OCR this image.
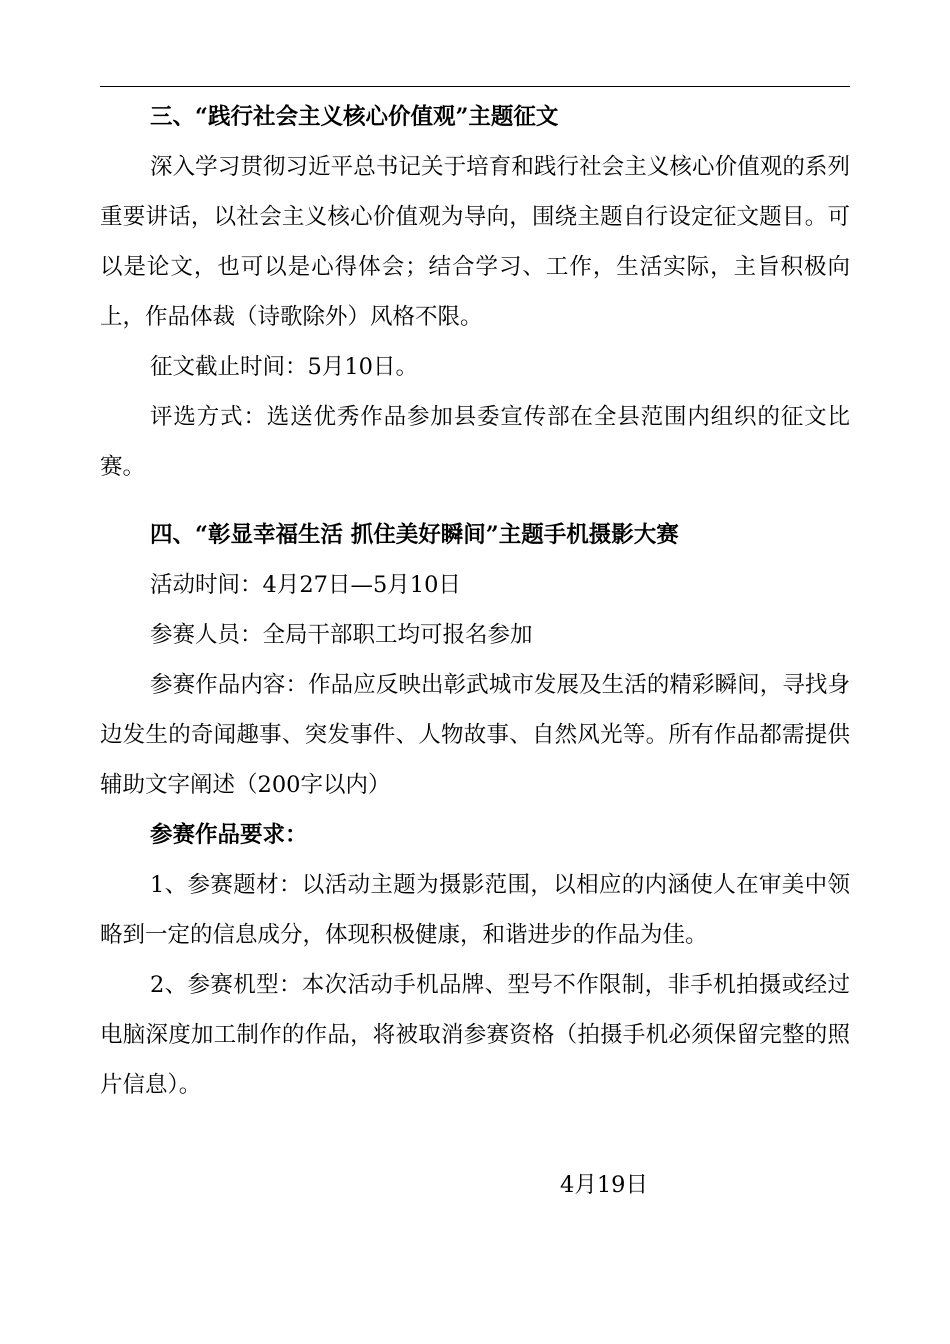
三、“践行社会主义核心价值观”主题征文

深入学习贯彻习近平总书记关于培育和践行社会主义核心价值观的系列重要讲话，以社会主义核心价值观为导向，围绕主题自行设定征文题目。可以是论文，也可以是心得体会；结合学习、工作，生活实际，主旨积极向上，作品体裁（诗歌除外）风格不限。

征文截止时间：5月10日。

评选方式：选送优秀作品参加县委宣传部在全县范围内组织的征文比赛。

四、“彰显幸福生活 抓住美好瞬间”主题手机摄影大赛

活动时间：4月27日—5月10日

参赛人员：全局干部职工均可报名参加

参赛作品内容：作品应反映出彰武城市发展及生活的精彩瞬间，寻找身边发生的奇闻趣事、突发事件、人物故事、自然风光等。所有作品都需提供辅助文字阐述（200字以内）

参赛作品要求：

1、参赛题材：以活动主题为摄影范围，以相应的内涵使人在审美中领略到一定的信息成分，体现积极健康，和谐进步的作品为佳。

2、参赛机型：本次活动手机品牌、型号不作限制，非手机拍摄或经过电脑深度加工制作的作品，将被取消参赛资格（拍摄手机必须保留完整的照片信息）。

4月19日
